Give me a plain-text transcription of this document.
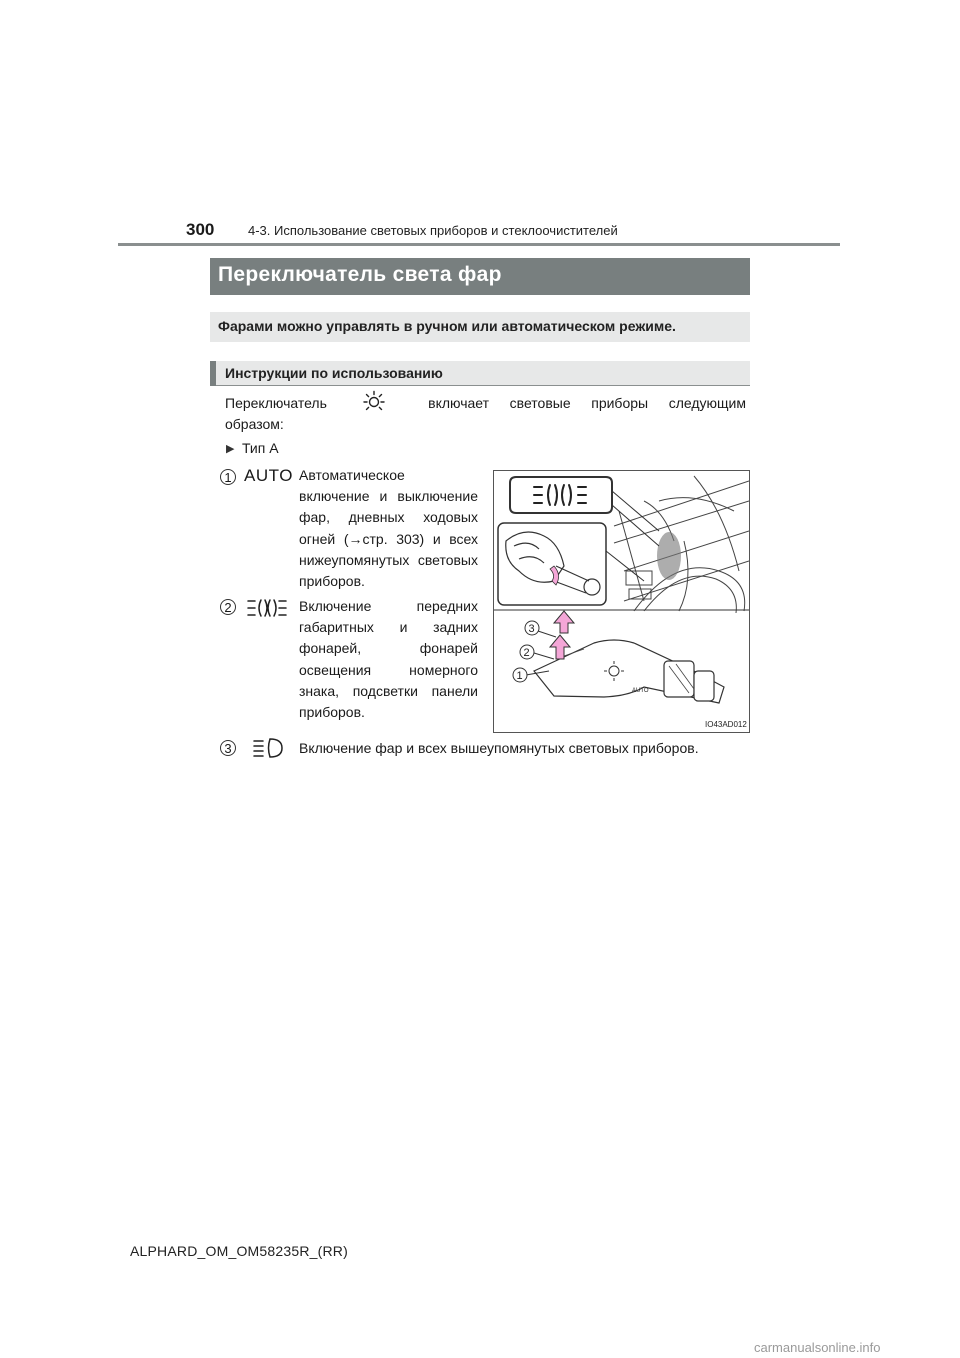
300	4-3. Использование световых приборов и стеклоочистителей
Переключатель света фар
Фарами можно управлять в ручном или автоматическом режиме.
Инструкции по использованию
Переключатель	включает световые приборы следующим
образом:
▶ Тип A
1 AUTO Автоматическое включение и выключение фар, дневных ходовых огней (→стр. 303) и всех нижеупомянутых световых приборов.
2	Включение передних габаритных и задних фонарей, фонарей освещения номерного знака, подсветки панели приборов.
3	Включение фар и всех вышеупомянутых световых приборов.
AUTO
3
2
1
IO43AD012
ALPHARD_OM_OM58235R_(RR)
carmanualsonline.info
